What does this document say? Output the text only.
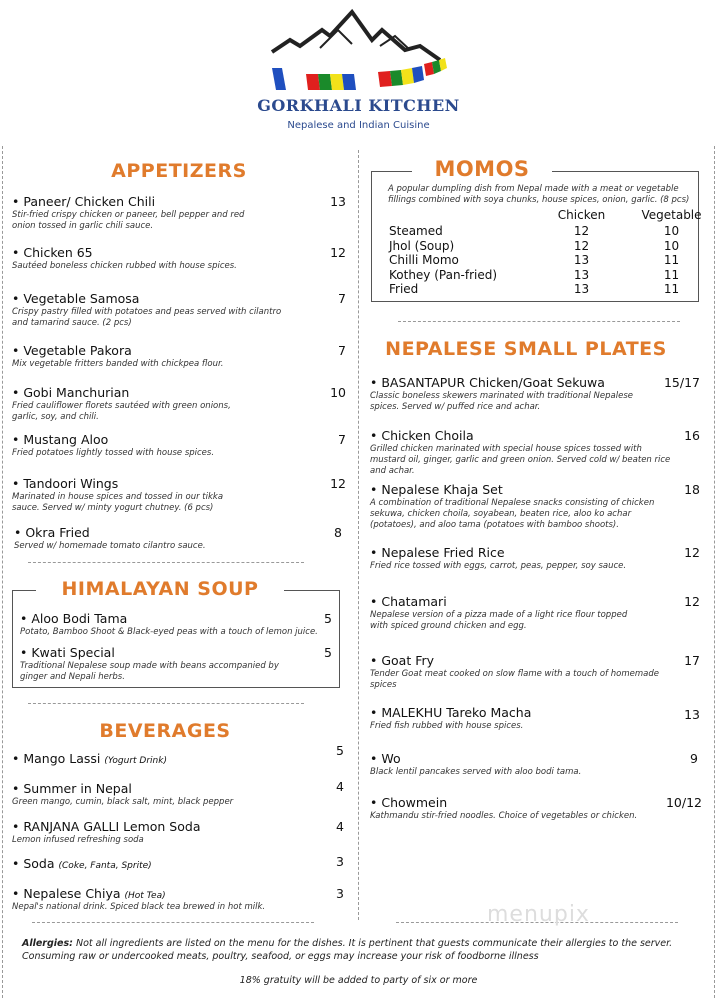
GORKHALI KITCHEN
Nepalese and Indian Cuisine
APPETIZERS
• Paneer/ Chicken Chili
Stir-fried crispy chicken or paneer, bell pepper and red onion tossed in garlic chili sauce.
13
• Chicken 65
Sautéed boneless chicken rubbed with house spices.
12
• Vegetable Samosa
Crispy pastry filled with potatoes and peas served with cilantro and tamarind sauce. (2 pcs)
7
• Vegetable Pakora
Mix vegetable fritters banded with chickpea flour.
7
• Gobi Manchurian
Fried cauliflower florets sautéed with green onions, garlic, soy, and chili.
10
• Mustang Aloo
Fried potatoes lightly tossed with house spices.
7
• Tandoori Wings
Marinated in house spices and tossed in our tikka sauce. Served w/ minty yogurt chutney. (6 pcs)
12
• Okra Fried
Served w/ homemade tomato cilantro sauce.
8
HIMALAYAN SOUP
• Aloo Bodi Tama
Potato, Bamboo Shoot & Black-eyed peas with a touch of lemon juice.
5
• Kwati Special
Traditional Nepalese soup made with beans accompanied by ginger and Nepali herbs.
5
BEVERAGES
• Mango Lassi (Yogurt Drink)
5
• Summer in Nepal
Green mango, cumin, black salt, mint, black pepper
4
• RANJANA GALLI Lemon Soda
Lemon infused refreshing soda
4
• Soda (Coke, Fanta, Sprite)	3
• Nepalese Chiya (Hot Tea)
Nepal's national drink. Spiced black tea brewed in hot milk.
3
MOMOS
A popular dumpling dish from Nepal made with a meat or vegetable fillings combined with soya chunks, house spices, onion, garlic. (8 pcs)
Chicken	Vegetable
Steamed	12	10
Jhol (Soup)	12	10
Chilli Momo	13	11
Kothey (Pan-fried)	13	11
Fried	13	11
NEPALESE SMALL PLATES
• BASANTAPUR Chicken/Goat Sekuwa
Classic boneless skewers marinated with traditional Nepalese spices. Served w/ puffed rice and achar.
15/17
• Chicken Choila
Grilled chicken marinated with special house spices tossed with mustard oil, ginger, garlic and green onion. Served cold w/ beaten rice and achar.
16
• Nepalese Khaja Set
A combination of traditional Nepalese snacks consisting of chicken sekuwa, chicken choila, soyabean, beaten rice, aloo ko achar (potatoes), and aloo tama (potatoes with bamboo shoots).
18
• Nepalese Fried Rice
Fried rice tossed with eggs, carrot, peas, pepper, soy sauce.
12
• Chatamari
Nepalese version of a pizza made of a light rice flour topped with spiced ground chicken and egg.
12
• Goat Fry
Tender Goat meat cooked on slow flame with a touch of homemade spices
17
• MALEKHU Tareko Macha
Fried fish rubbed with house spices.
13
• Wo
Black lentil pancakes served with aloo bodi tama.
9
• Chowmein
Kathmandu stir-fried noodles. Choice of vegetables or chicken.
10/12
menupix
Allergies: Not all ingredients are listed on the menu for the dishes. It is pertinent that guests communicate their allergies to the server.
Consuming raw or undercooked meats, poultry, seafood, or eggs may increase your risk of foodborne illness
18% gratuity will be added to party of six or more
